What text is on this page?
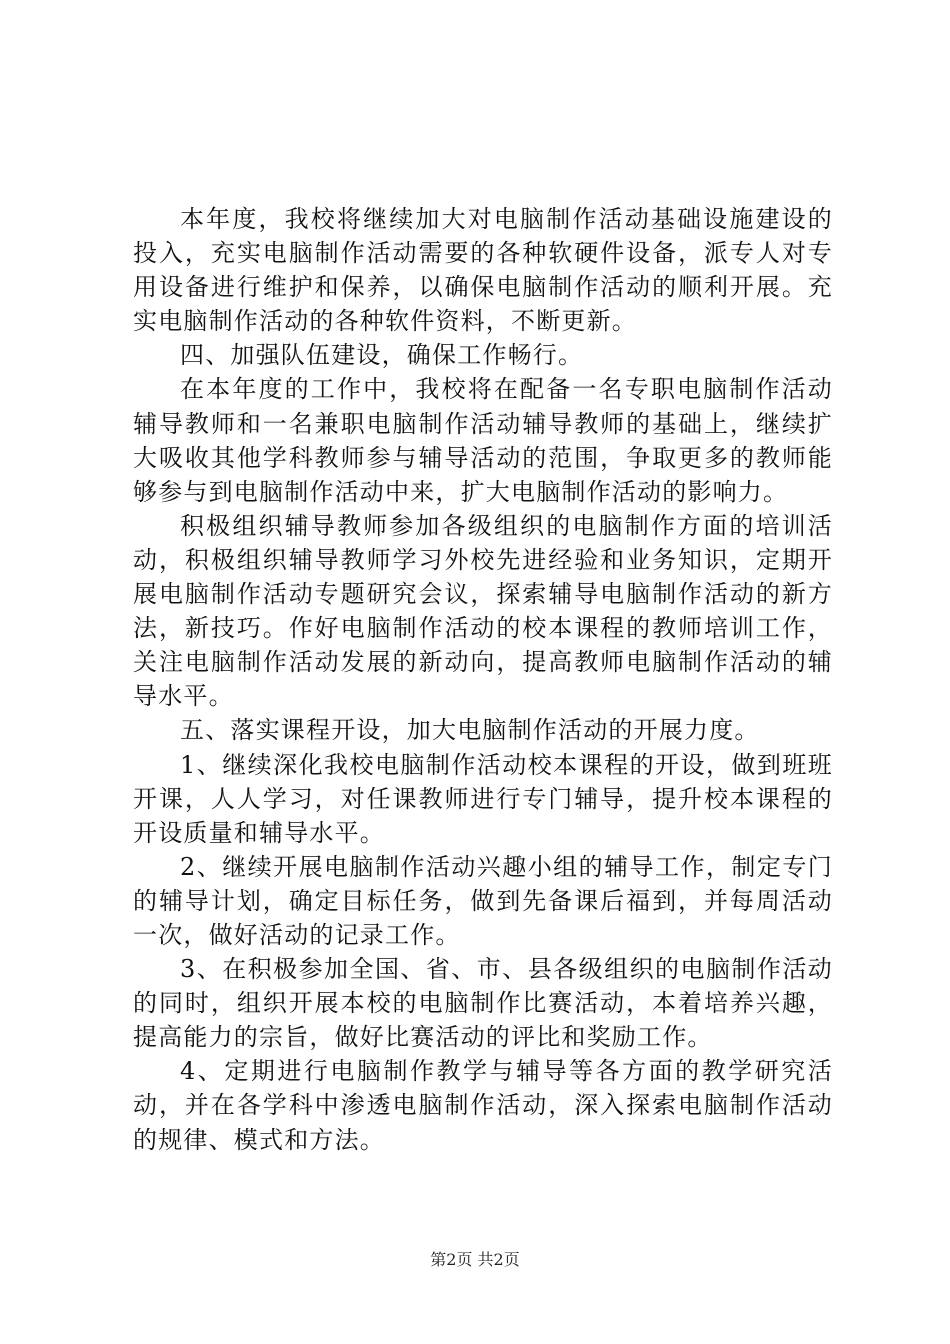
本年度，我校将继续加大对电脑制作活动基础设施建设的投入，充实电脑制作活动需要的各种软硬件设备，派专人对专用设备进行维护和保养，以确保电脑制作活动的顺利开展。充实电脑制作活动的各种软件资料，不断更新。

四、加强队伍建设，确保工作畅行。

在本年度的工作中，我校将在配备一名专职电脑制作活动辅导教师和一名兼职电脑制作活动辅导教师的基础上，继续扩大吸收其他学科教师参与辅导活动的范围，争取更多的教师能够参与到电脑制作活动中来，扩大电脑制作活动的影响力。

积极组织辅导教师参加各级组织的电脑制作方面的培训活动，积极组织辅导教师学习外校先进经验和业务知识，定期开展电脑制作活动专题研究会议，探索辅导电脑制作活动的新方法，新技巧。作好电脑制作活动的校本课程的教师培训工作，关注电脑制作活动发展的新动向，提高教师电脑制作活动的辅导水平。

五、落实课程开设，加大电脑制作活动的开展力度。

1、继续深化我校电脑制作活动校本课程的开设，做到班班开课，人人学习，对任课教师进行专门辅导，提升校本课程的开设质量和辅导水平。

2、继续开展电脑制作活动兴趣小组的辅导工作，制定专门的辅导计划，确定目标任务，做到先备课后福到，并每周活动一次，做好活动的记录工作。

3、在积极参加全国、省、市、县各级组织的电脑制作活动的同时，组织开展本校的电脑制作比赛活动，本着培养兴趣，提高能力的宗旨，做好比赛活动的评比和奖励工作。

4、定期进行电脑制作教学与辅导等各方面的教学研究活动，并在各学科中渗透电脑制作活动，深入探索电脑制作活动的规律、模式和方法。

第2页 共2页
